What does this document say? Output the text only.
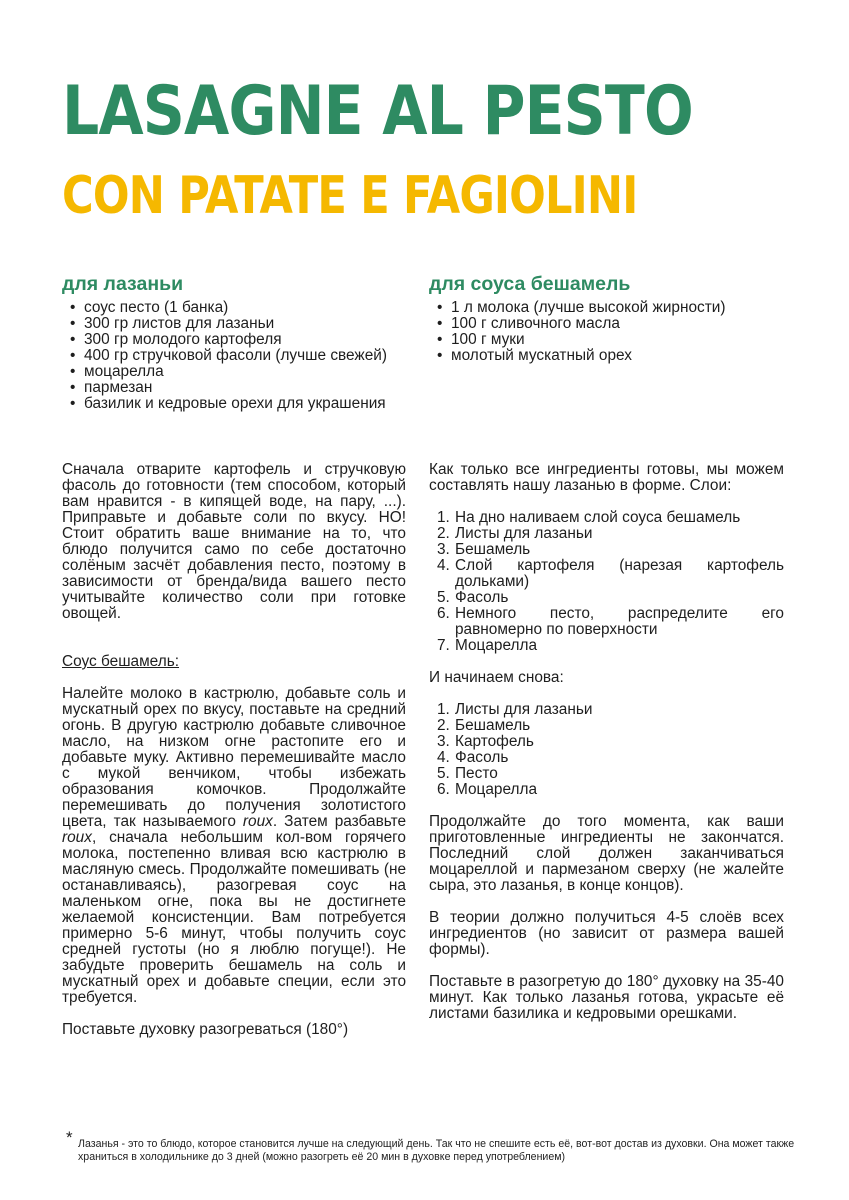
LASAGNE AL PESTO
CON PATATE E FAGIOLINI
для лазаньи
• соус песто (1 банка)
• 300 гр листов для лазаньи
• 300 гр молодого картофеля
• 400 гр стручковой фасоли (лучше свежей)
• моцарелла
• пармезан
• базилик и кедровые орехи для украшения
для соуса бешамель
• 1 л молока (лучше высокой жирности)
• 100 г сливочного масла
• 100 г муки
• молотый мускатный орех

Сначала отварите картофель и стручковую фасоль до готовности (тем способом, который вам нравится - в кипящей воде, на пару, ...). Приправьте и добавьте соли по вкусу. НО! Стоит обратить ваше внимание на то, что блюдо получится само по себе достаточно солёным засчёт добавления песто, поэтому в зависимости от бренда/вида вашего песто учитывайте количество соли при готовке овощей.

Соус бешамель:

Налейте молоко в кастрюлю, добавьте соль и мускатный орех по вкусу, поставьте на средний огонь. В другую кастрюлю добавьте сливочное масло, на низком огне растопите его и добавьте муку. Активно перемешивайте масло с мукой венчиком, чтобы избежать образования комочков. Продолжайте перемешивать до получения золотистого цвета, так называемого roux. Затем разбавьте roux, сначала небольшим кол-вом горячего молока, постепенно вливая всю кастрюлю в масляную смесь. Продолжайте помешивать (не останавливаясь), разогревая соус на маленьком огне, пока вы не достигнете желаемой консистенции. Вам потребуется примерно 5-6 минут, чтобы получить соус средней густоты (но я люблю погуще!). Не забудьте проверить бешамель на соль и мускатный орех и добавьте специи, если это требуется.

Поставьте духовку разогреваться (180°)

Как только все ингредиенты готовы, мы можем составлять нашу лазанью в форме. Слои:

1. На дно наливаем слой соуса бешамель
2. Листы для лазаньи
3. Бешамель
4. Слой картофеля (нарезая картофель дольками)
5. Фасоль
6. Немного песто, распределите его равномерно по поверхности
7. Моцарелла

И начинаем снова:

1. Листы для лазаньи
2. Бешамель
3. Картофель
4. Фасоль
5. Песто
6. Моцарелла

Продолжайте до того момента, как ваши приготовленные ингредиенты не закончатся. Последний слой должен заканчиваться моцареллой и пармезаном сверху (не жалейте сыра, это лазанья, в конце концов).

В теории должно получиться 4-5 слоёв всех ингредиентов (но зависит от размера вашей формы).

Поставьте в разогретую до 180° духовку на 35-40 минут. Как только лазанья готова, украсьте её листами базилика и кедровыми орешками.

* Лазанья - это то блюдо, которое становится лучше на следующий день. Так что не спешите есть её, вот-вот достав из духовки. Она может также храниться в холодильнике до 3 дней (можно разогреть её 20 мин в духовке перед употреблением)
